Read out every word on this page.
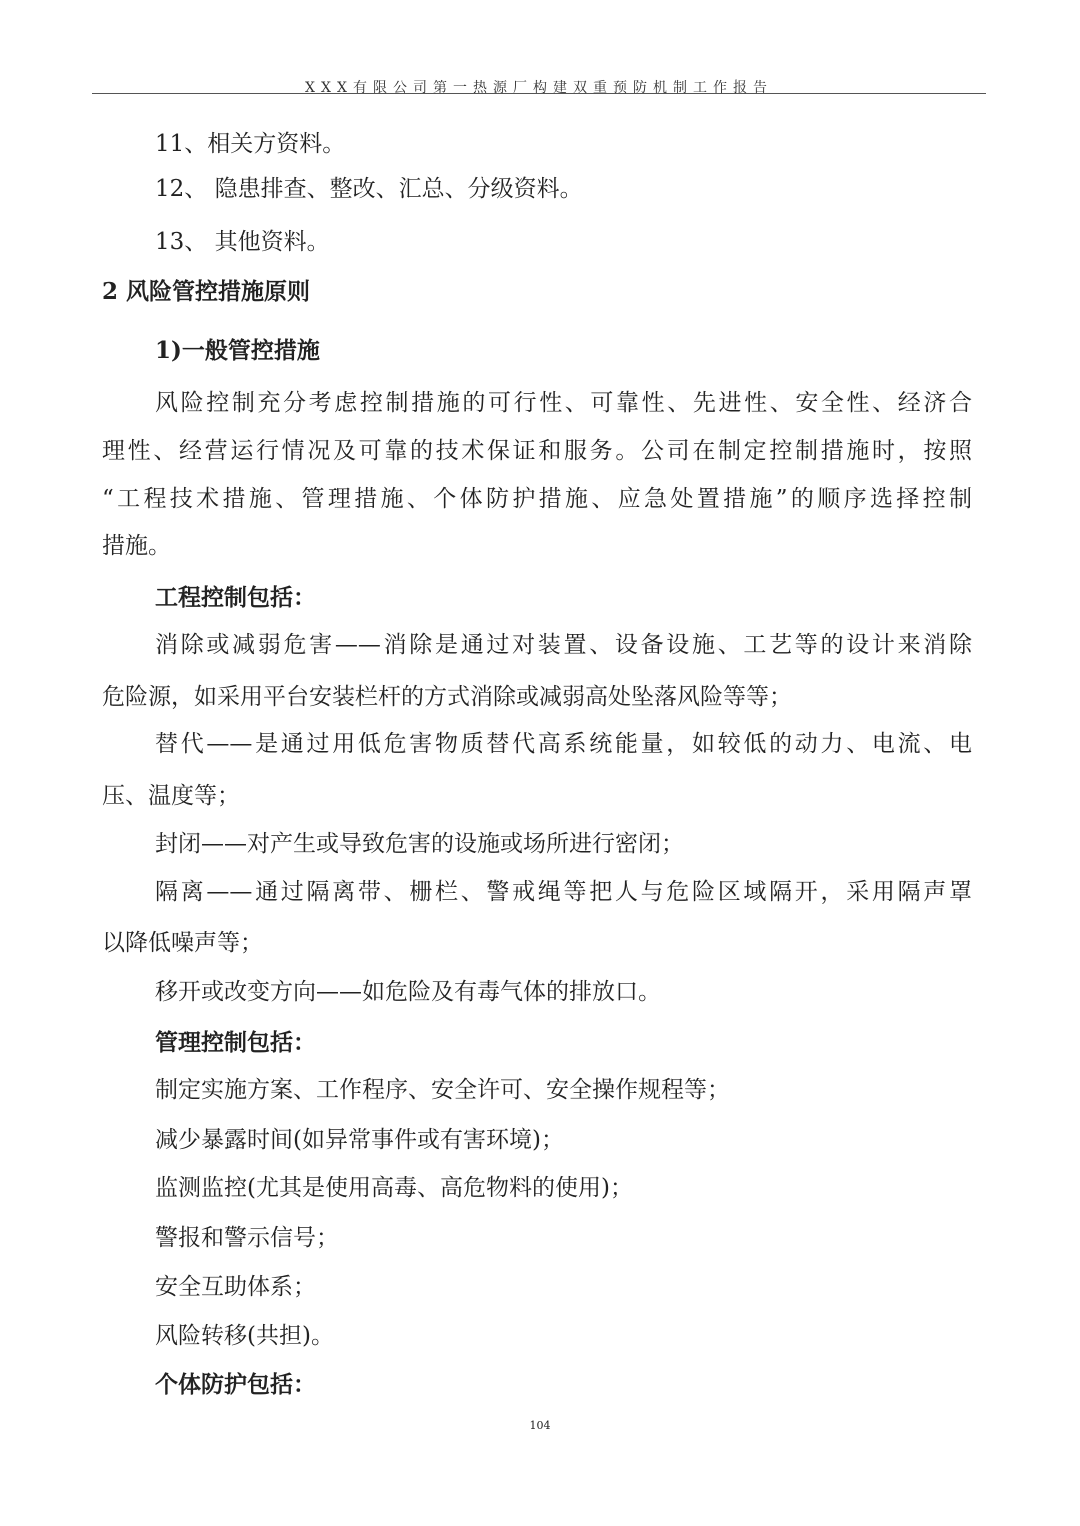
XXX有限公司第一热源厂构建双重预防机制工作报告
11、相关方资料。
12、 隐患排查、整改、汇总、分级资料。
13、 其他资料。
2 风险管控措施原则
1)一般管控措施
风险控制充分考虑控制措施的可行性、可靠性、先进性、安全性、经济合
理性、经营运行情况及可靠的技术保证和服务。公司在制定控制措施时，按照
“工程技术措施、管理措施、个体防护措施、应急处置措施”的顺序选择控制
措施。
工程控制包括：
消除或减弱危害——消除是通过对装置、设备设施、工艺等的设计来消除
危险源，如采用平台安装栏杆的方式消除或减弱高处坠落风险等等；
替代——是通过用低危害物质替代高系统能量，如较低的动力、电流、电
压、温度等；
封闭——对产生或导致危害的设施或场所进行密闭；
隔离——通过隔离带、栅栏、警戒绳等把人与危险区域隔开，采用隔声罩
以降低噪声等；
移开或改变方向——如危险及有毒气体的排放口。
管理控制包括：
制定实施方案、工作程序、安全许可、安全操作规程等；
减少暴露时间(如异常事件或有害环境)；
监测监控(尤其是使用高毒、高危物料的使用)；
警报和警示信号；
安全互助体系；
风险转移(共担)。
个体防护包括：
104
